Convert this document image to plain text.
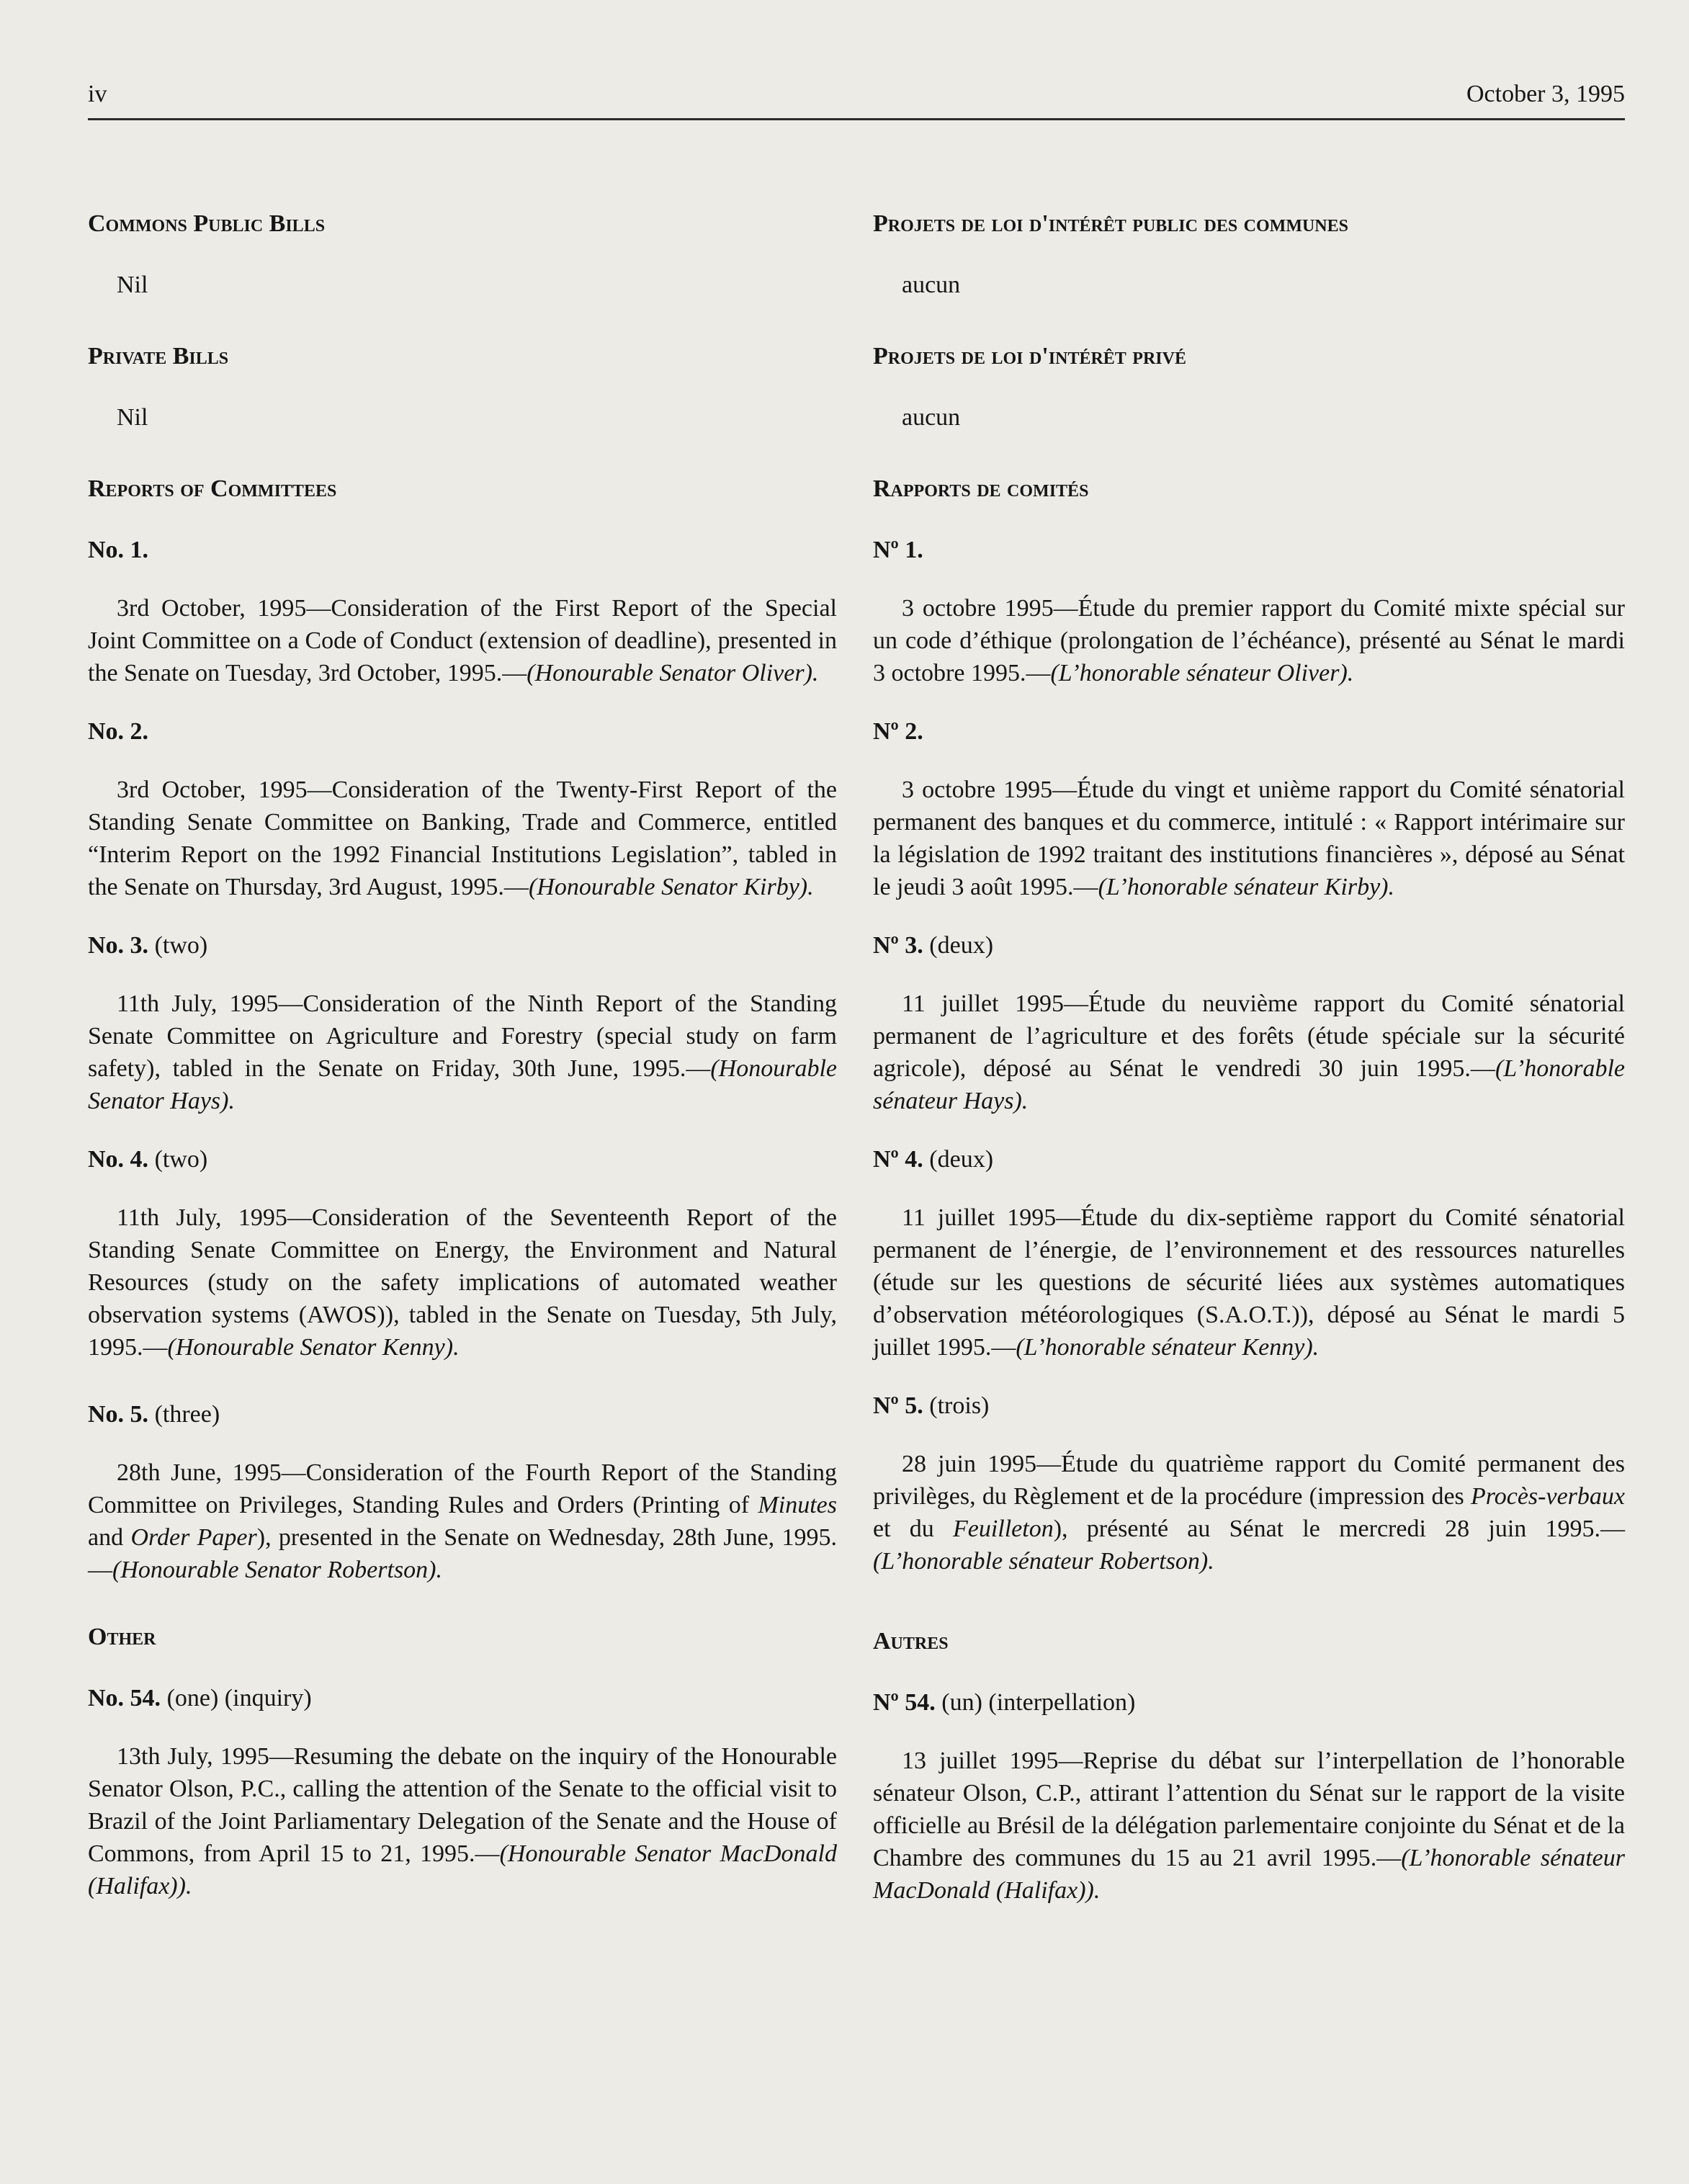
iv	October 3, 1995
Commons Public Bills
Nil
Private Bills
Nil
Reports of Committees
No. 1.
3rd October, 1995—Consideration of the First Report of the Special Joint Committee on a Code of Conduct (extension of deadline), presented in the Senate on Tuesday, 3rd October, 1995.—(Honourable Senator Oliver).
No. 2.
3rd October, 1995—Consideration of the Twenty-First Report of the Standing Senate Committee on Banking, Trade and Commerce, entitled “Interim Report on the 1992 Financial Institutions Legislation”, tabled in the Senate on Thursday, 3rd August, 1995.—(Honourable Senator Kirby).
No. 3. (two)
11th July, 1995—Consideration of the Ninth Report of the Standing Senate Committee on Agriculture and Forestry (special study on farm safety), tabled in the Senate on Friday, 30th June, 1995.—(Honourable Senator Hays).
No. 4. (two)
11th July, 1995—Consideration of the Seventeenth Report of the Standing Senate Committee on Energy, the Environment and Natural Resources (study on the safety implications of automated weather observation systems (AWOS)), tabled in the Senate on Tuesday, 5th July, 1995.—(Honourable Senator Kenny).
No. 5. (three)
28th June, 1995—Consideration of the Fourth Report of the Standing Committee on Privileges, Standing Rules and Orders (Printing of Minutes and Order Paper), presented in the Senate on Wednesday, 28th June, 1995.—(Honourable Senator Robertson).
Other
No. 54. (one) (inquiry)
13th July, 1995—Resuming the debate on the inquiry of the Honourable Senator Olson, P.C., calling the attention of the Senate to the official visit to Brazil of the Joint Parliamentary Delegation of the Senate and the House of Commons, from April 15 to 21, 1995.—(Honourable Senator MacDonald (Halifax)).
Projets de loi d'intérêt public des communes
aucun
Projets de loi d'intérêt privé
aucun
Rapports de comités
Nº 1.
3 octobre 1995—Étude du premier rapport du Comité mixte spécial sur un code d’éthique (prolongation de l’échéance), présenté au Sénat le mardi 3 octobre 1995.—(L’honorable sénateur Oliver).
Nº 2.
3 octobre 1995—Étude du vingt et unième rapport du Comité sénatorial permanent des banques et du commerce, intitulé : « Rapport intérimaire sur la législation de 1992 traitant des institutions financières », déposé au Sénat le jeudi 3 août 1995.—(L’honorable sénateur Kirby).
Nº 3. (deux)
11 juillet 1995—Étude du neuvième rapport du Comité sénatorial permanent de l’agriculture et des forêts (étude spéciale sur la sécurité agricole), déposé au Sénat le vendredi 30 juin 1995.—(L’honorable sénateur Hays).
Nº 4. (deux)
11 juillet 1995—Étude du dix-septième rapport du Comité sénatorial permanent de l’énergie, de l’environnement et des ressources naturelles (étude sur les questions de sécurité liées aux systèmes automatiques d’observation météorologiques (S.A.O.T.)), déposé au Sénat le mardi 5 juillet 1995.—(L’honorable sénateur Kenny).
Nº 5. (trois)
28 juin 1995—Étude du quatrième rapport du Comité permanent des privilèges, du Règlement et de la procédure (impression des Procès-verbaux et du Feuilleton), présenté au Sénat le mercredi 28 juin 1995.—(L’honorable sénateur Robertson).
Autres
Nº 54. (un) (interpellation)
13 juillet 1995—Reprise du débat sur l’interpellation de l’honorable sénateur Olson, C.P., attirant l’attention du Sénat sur le rapport de la visite officielle au Brésil de la délégation parlementaire conjointe du Sénat et de la Chambre des communes du 15 au 21 avril 1995.—(L’honorable sénateur MacDonald (Halifax)).
